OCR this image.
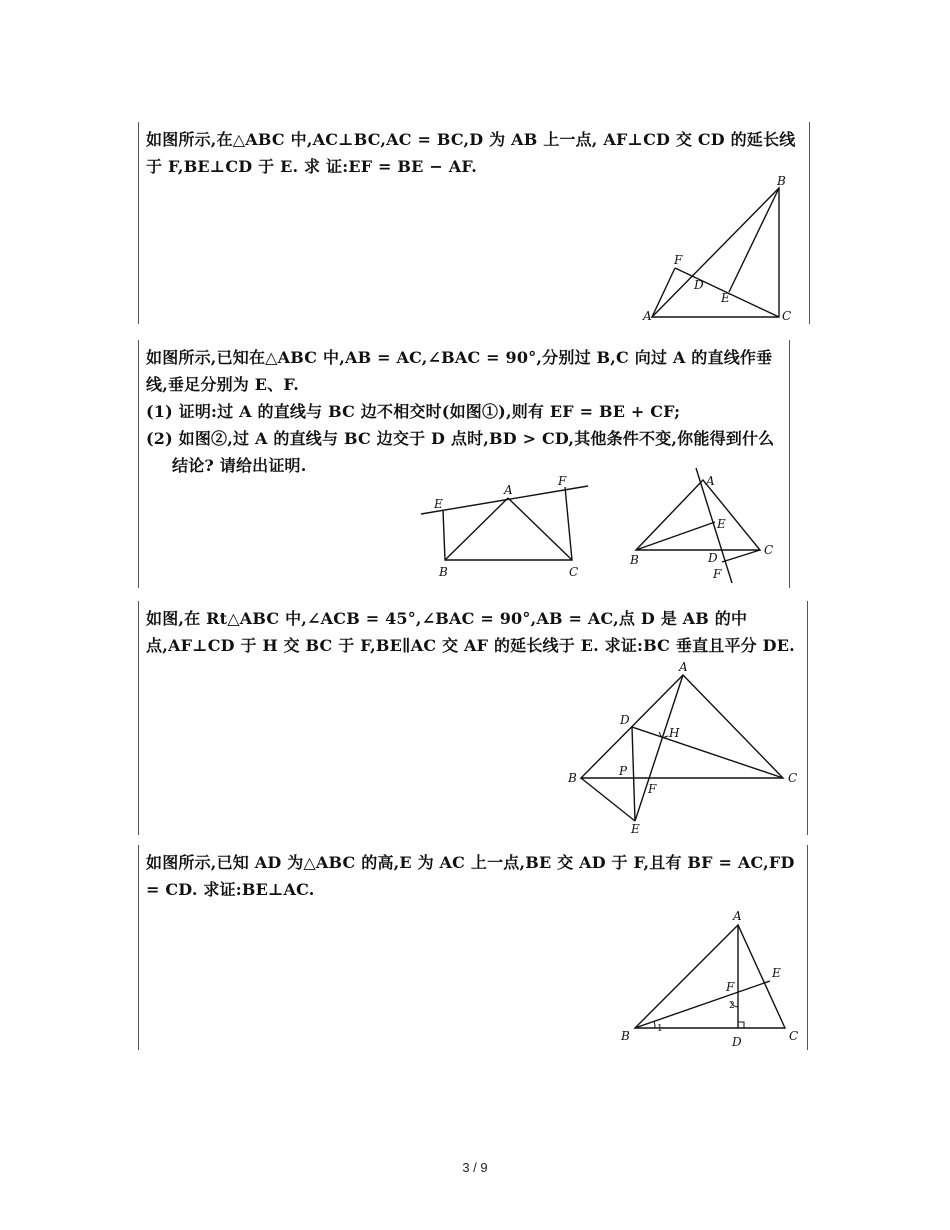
如图所示,在△ABC 中,AC⊥BC,AC = BC,D 为 AB 上一点, AF⊥CD 交 CD 的延长线于 F,BE⊥CD 于 E. 求 证:EF = BE − AF.
A
B
C
D
E
F
如图所示,已知在△ABC 中,AB = AC,∠BAC = 90°,分别过 B,C 向过 A 的直线作垂线,垂足分别为 E、F.
(1) 证明:过 A 的直线与 BC 边不相交时(如图①),则有 EF = BE + CF;
(2) 如图②,过 A 的直线与 BC 边交于 D 点时,BD > CD,其他条件不变,你能得到什么
结论? 请给出证明.
A
E
F
B	C
A
E
D
F
B
C
如图,在 Rt△ABC 中,∠ACB = 45°,∠BAC = 90°,AB = AC,点 D 是 AB 的中点,AF⊥CD 于 H 交 BC 于 F,BE∥AC 交 AF 的延长线于 E. 求证:BC 垂直且平分 DE.
A
D
H
P
B
F
C
E
如图所示,已知 AD 为△ABC 的高,E 为 AC 上一点,BE 交 AD 于 F,且有 BF = AC,FD = CD. 求证:BE⊥AC.
A
E
F
2
1
B	D	C
3 / 9
